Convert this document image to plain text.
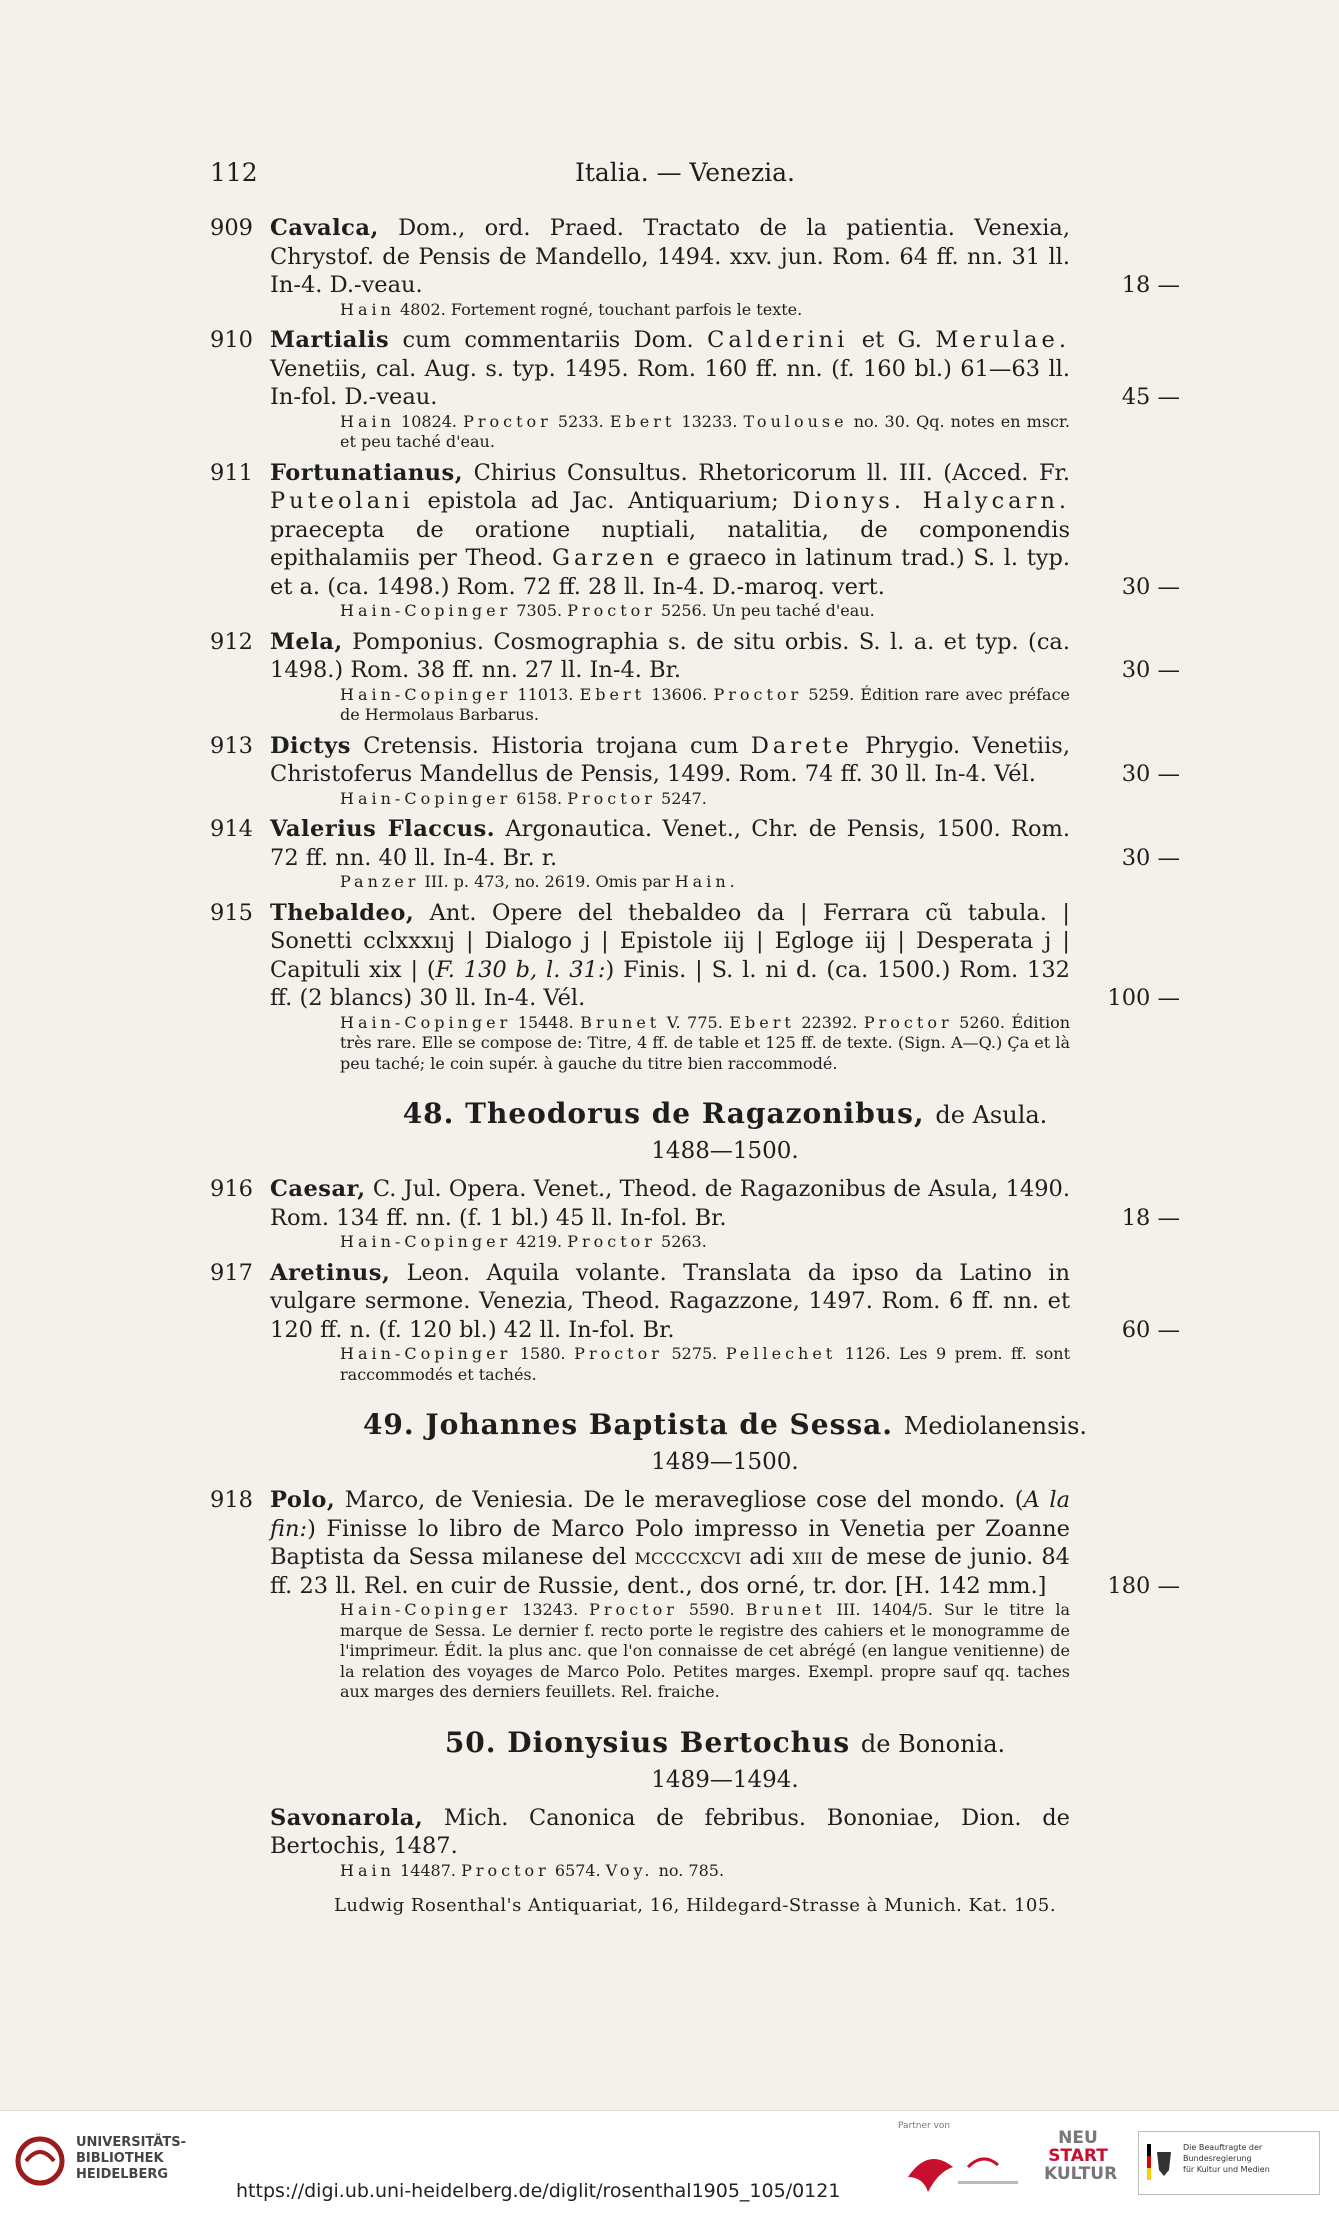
112	Italia. — Venezia.
909 Cavalca, Dom., ord. Praed. Tractato de la patientia. Venexia, Chrystof. de Pensis de Mandello, 1494. xxv. jun. Rom. 64 ff. nn. 31 ll. In-4. D.-veau.	18 —
Hain 4802. Fortement rogné, touchant parfois le texte.
910 Martialis cum commentariis Dom. Calderini et G. Merulae. Venetiis, cal. Aug. s. typ. 1495. Rom. 160 ff. nn. (f. 160 bl.) 61—63 ll. In-fol. D.-veau.	45 —
Hain 10824. Proctor 5233. Ebert 13233. Toulouse no. 30. Qq. notes en mscr. et peu taché d'eau.
911 Fortunatianus, Chirius Consultus. Rhetoricorum ll. III. (Acced. Fr. Puteolani epistola ad Jac. Antiquarium; Dionys. Halycarn. praecepta de oratione nuptiali, natalitia, de componendis epithalamiis per Theod. Garzen e graeco in latinum trad.) S. l. typ. et a. (ca. 1498.) Rom. 72 ff. 28 ll. In-4. D.-maroq. vert.	30 —
Hain-Copinger 7305. Proctor 5256. Un peu taché d'eau.
912 Mela, Pomponius. Cosmographia s. de situ orbis. S. l. a. et typ. (ca. 1498.) Rom. 38 ff. nn. 27 ll. In-4. Br.	30 —
Hain-Copinger 11013. Ebert 13606. Proctor 5259. Édition rare avec préface de Hermolaus Barbarus.
913 Dictys Cretensis. Historia trojana cum Darete Phrygio. Venetiis, Christoferus Mandellus de Pensis, 1499. Rom. 74 ff. 30 ll. In-4. Vél.	30 —
Hain-Copinger 6158. Proctor 5247.
914 Valerius Flaccus. Argonautica. Venet., Chr. de Pensis, 1500. Rom. 72 ff. nn. 40 ll. In-4. Br. r.	30 —
Panzer III. p. 473, no. 2619. Omis par Hain.
915 Thebaldeo, Ant. Opere del thebaldeo da | Ferrara cũ tabula. | Sonetti cclxxxııj | Dialogo j | Epistole iij | Egloge iij | Desperata j | Capituli xix | (F. 130 b, l. 31:) Finis. | S. l. ni d. (ca. 1500.) Rom. 132 ff. (2 blancs) 30 ll. In-4. Vél.	100 —
Hain-Copinger 15448. Brunet V. 775. Ebert 22392. Proctor 5260. Édition très rare. Elle se compose de: Titre, 4 ff. de table et 125 ff. de texte. (Sign. A—Q.) Ça et là peu taché; le coin supér. à gauche du titre bien raccommodé.
48. Theodorus de Ragazonibus, de Asula.
1488—1500.
916 Caesar, C. Jul. Opera. Venet., Theod. de Ragazonibus de Asula, 1490. Rom. 134 ff. nn. (f. 1 bl.) 45 ll. In-fol. Br.	18 —
Hain-Copinger 4219. Proctor 5263.
917 Aretinus, Leon. Aquila volante. Translata da ipso da Latino in vulgare sermone. Venezia, Theod. Ragazzone, 1497. Rom. 6 ff. nn. et 120 ff. n. (f. 120 bl.) 42 ll. In-fol. Br.	60 —
Hain-Copinger 1580. Proctor 5275. Pellechet 1126. Les 9 prem. ff. sont raccommodés et tachés.
49. Johannes Baptista de Sessa. Mediolanensis.
1489—1500.
918 Polo, Marco, de Veniesia. De le meravegliose cose del mondo. (A la fin:) Finisse lo libro de Marco Polo impresso in Venetia per Zoanne Baptista da Sessa milanese del mccccxcvi adi xiii de mese de junio. 84 ff. 23 ll. Rel. en cuir de Russie, dent., dos orné, tr. dor. [H. 142 mm.]	180 —
Hain-Copinger 13243. Proctor 5590. Brunet III. 1404/5. Sur le titre la marque de Sessa. Le dernier f. recto porte le registre des cahiers et le monogramme de l'imprimeur. Édit. la plus anc. que l'on connaisse de cet abrégé (en langue venitienne) de la relation des voyages de Marco Polo. Petites marges. Exempl. propre sauf qq. taches aux marges des derniers feuillets. Rel. fraiche.
50. Dionysius Bertochus de Bononia.
1489—1494.
Savonarola, Mich. Canonica de febribus. Bononiae, Dion. de Bertochis, 1487.
Hain 14487. Proctor 6574. Voy. no. 785.
Ludwig Rosenthal's Antiquariat, 16, Hildegard-Strasse à Munich. Kat. 105.
UNIVERSITÄTS-
BIBLIOTHEK
HEIDELBERG
Partner von
NEU
START
KULTUR
Die Beauftragte der Bundesregierung
für Kultur und Medien
https://digi.ub.uni-heidelberg.de/diglit/rosenthal1905_105/0121
